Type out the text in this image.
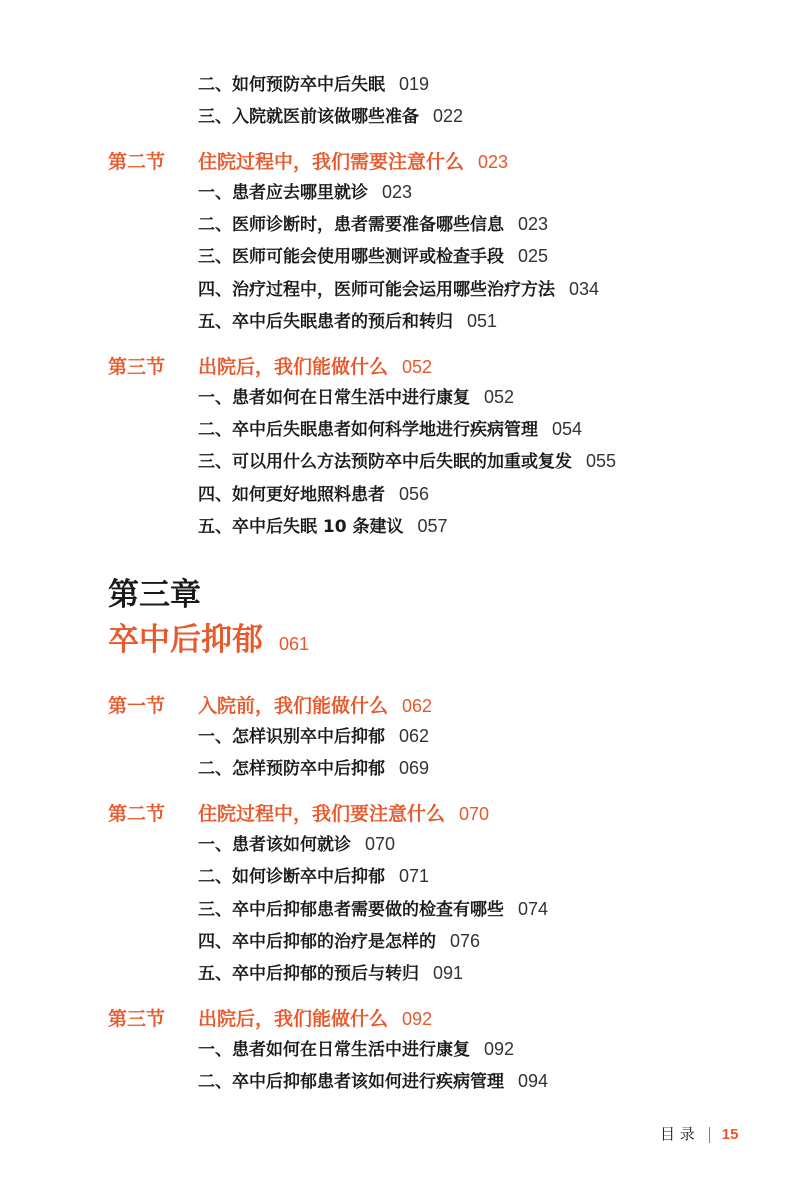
二、如何预防卒中后失眠 019
三、入院就医前该做哪些准备 022
第二节 住院过程中，我们需要注意什么 023
一、患者应去哪里就诊 023
二、医师诊断时，患者需要准备哪些信息 023
三、医师可能会使用哪些测评或检查手段 025
四、治疗过程中，医师可能会运用哪些治疗方法 034
五、卒中后失眠患者的预后和转归 051
第三节 出院后，我们能做什么 052
一、患者如何在日常生活中进行康复 052
二、卒中后失眠患者如何科学地进行疾病管理 054
三、可以用什么方法预防卒中后失眠的加重或复发 055
四、如何更好地照料患者 056
五、卒中后失眠 10 条建议 057
第三章
卒中后抑郁 061
第一节 入院前，我们能做什么 062
一、怎样识别卒中后抑郁 062
二、怎样预防卒中后抑郁 069
第二节 住院过程中，我们要注意什么 070
一、患者该如何就诊 070
二、如何诊断卒中后抑郁 071
三、卒中后抑郁患者需要做的检查有哪些 074
四、卒中后抑郁的治疗是怎样的 076
五、卒中后抑郁的预后与转归 091
第三节 出院后，我们能做什么 092
一、患者如何在日常生活中进行康复 092
二、卒中后抑郁患者该如何进行疾病管理 094
目 录 15
